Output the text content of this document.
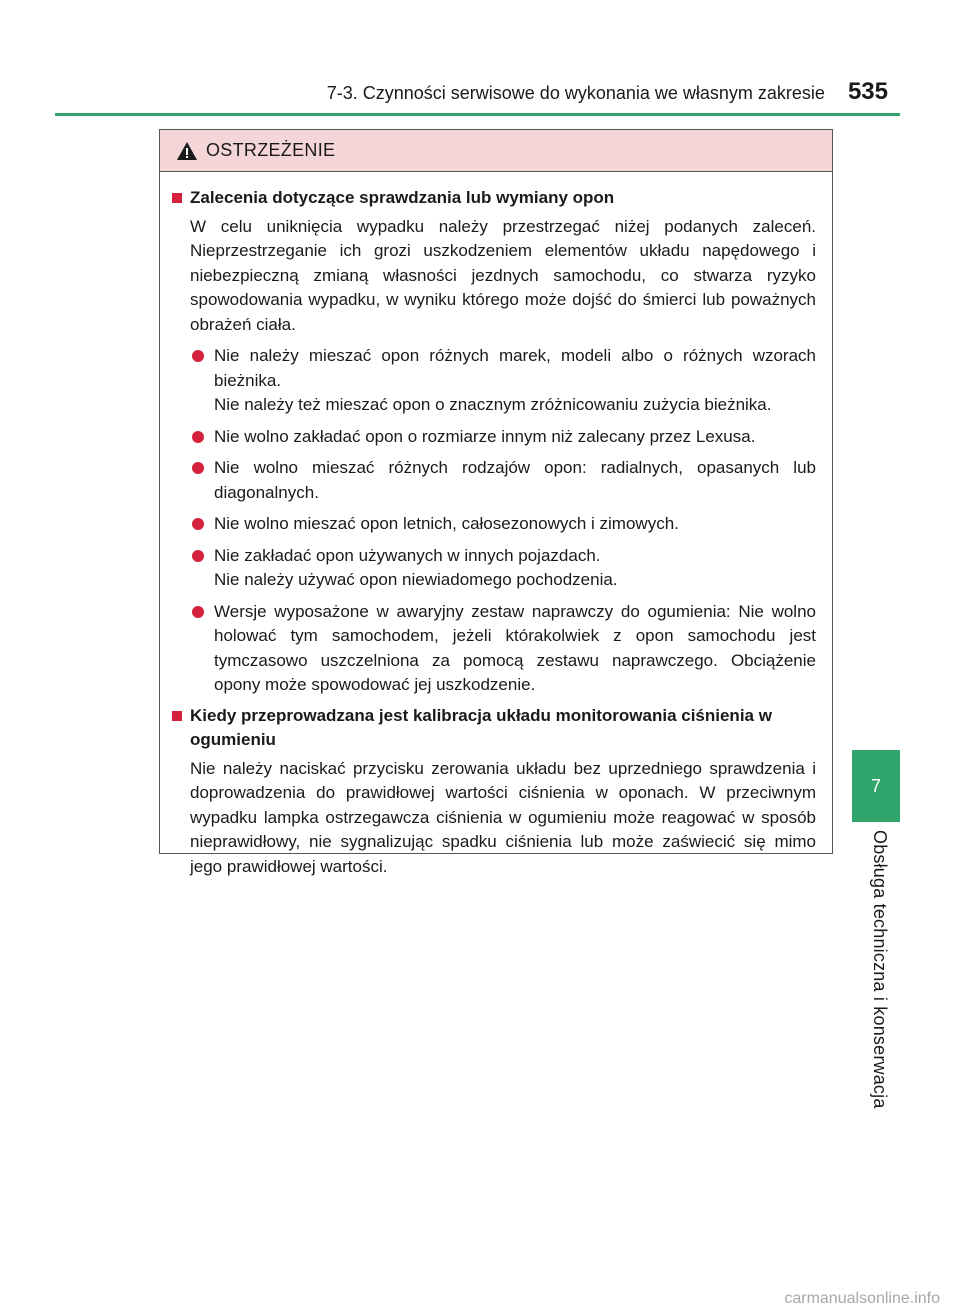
7-3. Czynności serwisowe do wykonania we własnym zakresie 535
OSTRZEŻENIE
Zalecenia dotyczące sprawdzania lub wymiany opon
W celu uniknięcia wypadku należy przestrzegać niżej podanych zaleceń. Nieprzestrzeganie ich grozi uszkodzeniem elementów układu napędowego i niebezpieczną zmianą własności jezdnych samochodu, co stwarza ryzyko spowodowania wypadku, w wyniku którego może dojść do śmierci lub poważnych obrażeń ciała.
Nie należy mieszać opon różnych marek, modeli albo o różnych wzorach bieżnika.
Nie należy też mieszać opon o znacznym zróżnicowaniu zużycia bieżnika.
Nie wolno zakładać opon o rozmiarze innym niż zalecany przez Lexusa.
Nie wolno mieszać różnych rodzajów opon: radialnych, opasanych lub diagonalnych.
Nie wolno mieszać opon letnich, całosezonowych i zimowych.
Nie zakładać opon używanych w innych pojazdach.
Nie należy używać opon niewiadomego pochodzenia.
Wersje wyposażone w awaryjny zestaw naprawczy do ogumienia: Nie wolno holować tym samochodem, jeżeli którakolwiek z opon samochodu jest tymczasowo uszczelniona za pomocą zestawu naprawczego. Obciążenie opony może spowodować jej uszkodzenie.
Kiedy przeprowadzana jest kalibracja układu monitorowania ciśnienia w ogumieniu
Nie należy naciskać przycisku zerowania układu bez uprzedniego sprawdzenia i doprowadzenia do prawidłowej wartości ciśnienia w oponach. W przeciwnym wypadku lampka ostrzegawcza ciśnienia w ogumieniu może reagować w sposób nieprawidłowy, nie sygnalizując spadku ciśnienia lub może zaświecić się mimo jego prawidłowej wartości.
7
Obsługa techniczna i konserwacja
carmanualsonline.info
